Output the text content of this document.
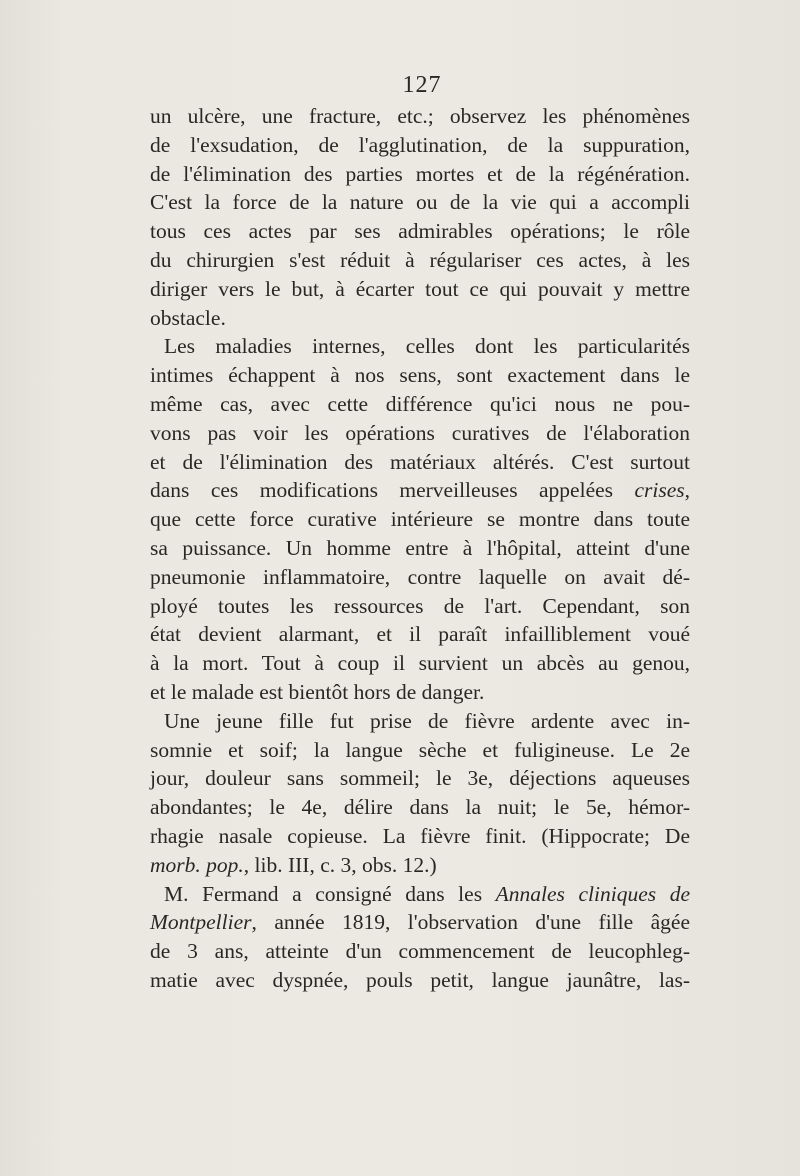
127
un ulcère, une fracture, etc.; observez les phénomènes
de l'exsudation, de l'agglutination, de la suppuration,
de l'élimination des parties mortes et de la régénération.
C'est la force de la nature ou de la vie qui a accompli
tous ces actes par ses admirables opérations; le rôle
du chirurgien s'est réduit à régulariser ces actes, à les
diriger vers le but, à écarter tout ce qui pouvait y mettre
obstacle.
Les maladies internes, celles dont les particularités
intimes échappent à nos sens, sont exactement dans le
même cas, avec cette différence qu'ici nous ne pou-
vons pas voir les opérations curatives de l'élaboration
et de l'élimination des matériaux altérés. C'est surtout
dans ces modifications merveilleuses appelées crises,
que cette force curative intérieure se montre dans toute
sa puissance. Un homme entre à l'hôpital, atteint d'une
pneumonie inflammatoire, contre laquelle on avait dé-
ployé toutes les ressources de l'art. Cependant, son
état devient alarmant, et il paraît infailliblement voué
à la mort. Tout à coup il survient un abcès au genou,
et le malade est bientôt hors de danger.
Une jeune fille fut prise de fièvre ardente avec in-
somnie et soif; la langue sèche et fuligineuse. Le 2e
jour, douleur sans sommeil; le 3e, déjections aqueuses
abondantes; le 4e, délire dans la nuit; le 5e, hémor-
rhagie nasale copieuse. La fièvre finit. (Hippocrate; De
morb. pop., lib. III, c. 3, obs. 12.)
M. Fermand a consigné dans les Annales cliniques de
Montpellier, année 1819, l'observation d'une fille âgée
de 3 ans, atteinte d'un commencement de leucophleg-
matie avec dyspnée, pouls petit, langue jaunâtre, las-
